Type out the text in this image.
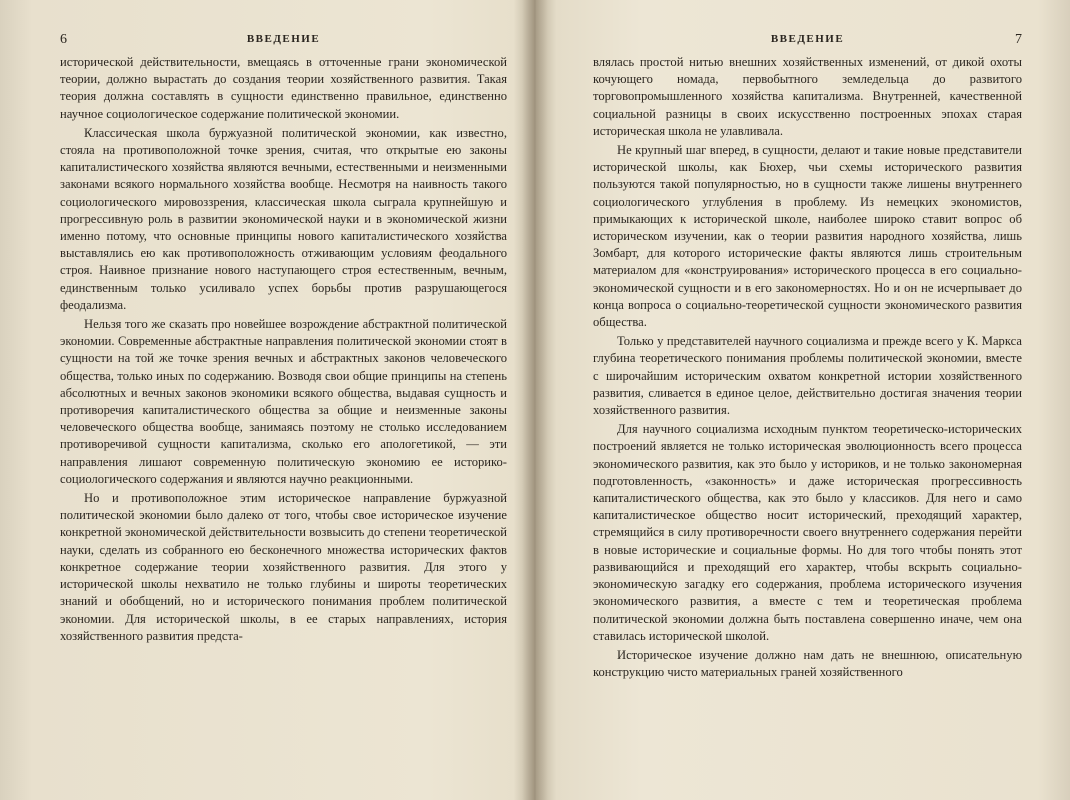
6	ВВЕДЕНИЕ

исторической действительности, вмещаясь в отточенные грани экономической теории, должно вырастать до создания теории хозяйственного развития. Такая теория должна составлять в сущности единственно правильное, единственно научное социологическое содержание политической экономии.

Классическая школа буржуазной политической экономии, как известно, стояла на противоположной точке зрения, считая, что открытые ею законы капиталистического хозяйства являются вечными, естественными и неизменными законами всякого нормального хозяйства вообще. Несмотря на наивность такого социологического мировоззрения, классическая школа сыграла крупнейшую и прогрессивную роль в развитии экономической науки и в экономической жизни именно потому, что основные принципы нового капиталистического хозяйства выставлялись ею как противоположность отживающим условиям феодального строя. Наивное признание нового наступающего строя естественным, вечным, единственным только усиливало успех борьбы против разрушающегося феодализма.

Нельзя того же сказать про новейшее возрождение абстрактной политической экономии. Современные абстрактные направления политической экономии стоят в сущности на той же точке зрения вечных и абстрактных законов человеческого общества, только иных по содержанию. Возводя свои общие принципы на степень абсолютных и вечных законов экономики всякого общества, выдавая сущность и противоречия капиталистического общества за общие и неизменные законы человеческого общества вообще, занимаясь поэтому не столько исследованием противоречивой сущности капитализма, сколько его апологетикой, — эти направления лишают современную политическую экономию ее историко-социологического содержания и являются научно реакционными.

Но и противоположное этим историческое направление буржуазной политической экономии было далеко от того, чтобы свое историческое изучение конкретной экономической действительности возвысить до степени теоретической науки, сделать из собранного ею бесконечного множества исторических фактов конкретное содержание теории хозяйственного развития. Для этого у исторической школы нехватило не только глубины и широты теоретических знаний и обобщений, но и исторического понимания проблем политической экономии. Для исторической школы, в ее старых направлениях, история хозяйственного развития предста-

ВВЕДЕНИЕ	7

влялась простой нитью внешних хозяйственных изменений, от дикой охоты кочующего номада, первобытного земледельца до развитого торговопромышленного хозяйства капитализма. Внутренней, качественной социальной разницы в своих искусственно построенных эпохах старая историческая школа не улавливала.

Не крупный шаг вперед, в сущности, делают и такие новые представители исторической школы, как Бюхер, чьи схемы исторического развития пользуются такой популярностью, но в сущности также лишены внутреннего социологического углубления в проблему. Из немецких экономистов, примыкающих к исторической школе, наиболее широко ставит вопрос об историческом изучении, как о теории развития народного хозяйства, лишь Зомбарт, для которого исторические факты являются лишь строительным материалом для «конструирования» исторического процесса в его социально-экономической сущности и в его закономерностях. Но и он не исчерпывает до конца вопроса о социально-теоретической сущности экономического развития общества.

Только у представителей научного социализма и прежде всего у К. Маркса глубина теоретического понимания проблемы политической экономии, вместе с широчайшим историческим охватом конкретной истории хозяйственного развития, сливается в единое целое, действительно достигая значения теории хозяйственного развития.

Для научного социализма исходным пунктом теоретическо-исторических построений является не только историческая эволюционность всего процесса экономического развития, как это было у историков, и не только закономерная подготовленность, «законность» и даже историческая прогрессивность капиталистического общества, как это было у классиков. Для него и само капиталистическое общество носит исторический, преходящий характер, стремящийся в силу противоречности своего внутреннего содержания перейти в новые исторические и социальные формы. Но для того чтобы понять этот развивающийся и преходящий его характер, чтобы вскрыть социально-экономическую загадку его содержания, проблема исторического изучения экономического развития, а вместе с тем и теоретическая проблема политической экономии должна быть поставлена совершенно иначе, чем она ставилась исторической школой.

Историческое изучение должно нам дать не внешнюю, описательную конструкцию чисто материальных граней хозяйственного
